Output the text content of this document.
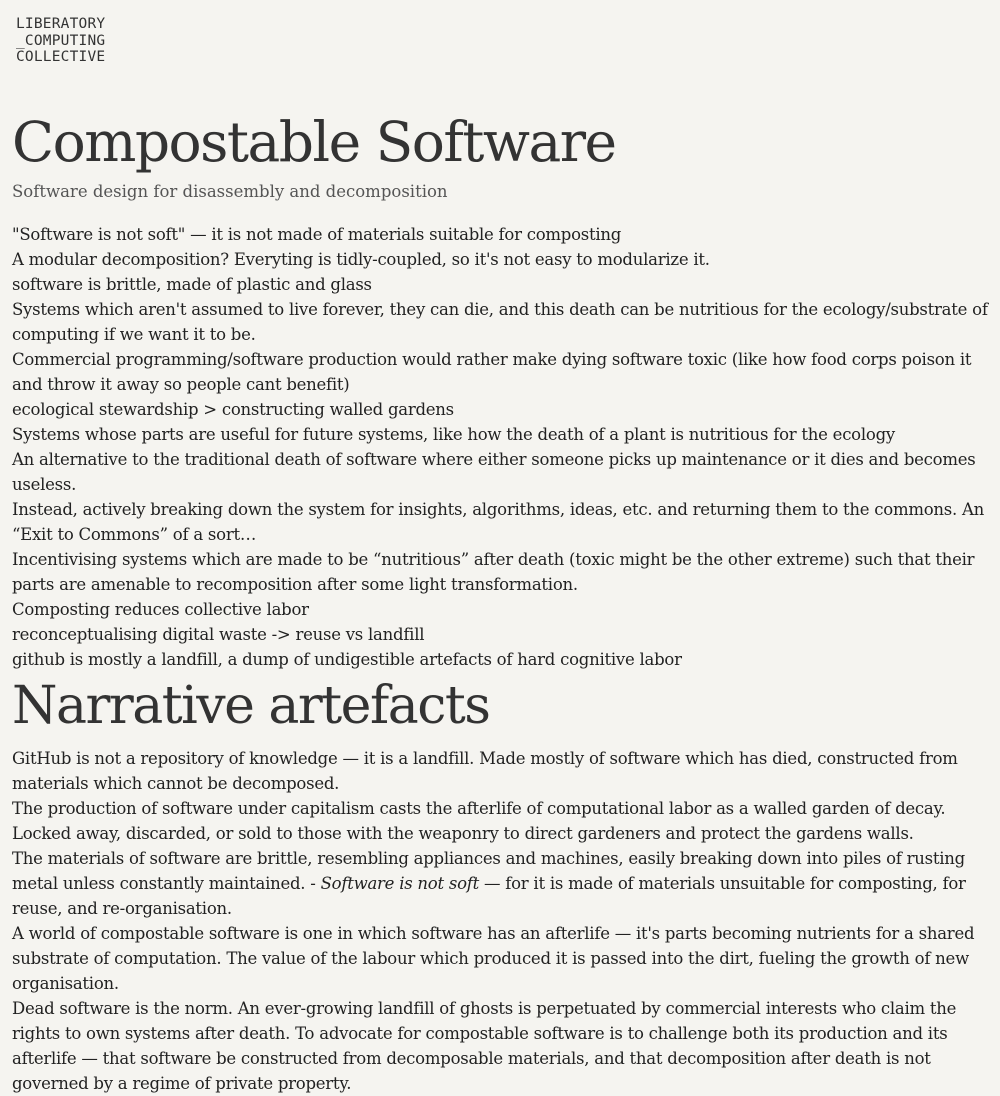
LIBERATORY
_COMPUTING
COLLECTIVE
Compostable Software
Software design for disassembly and decomposition

"Software is not soft" — it is not made of materials suitable for composting

A modular decomposition? Everyting is tidly-coupled, so it's not easy to modularize it.

software is brittle, made of plastic and glass

Systems which aren't assumed to live forever, they can die, and this death can be nutritious for the ecology/substrate of computing if we want it to be.

Commercial programming/software production would rather make dying software toxic (like how food corps poison it and throw it away so people cant benefit)

ecological stewardship > constructing walled gardens

Systems whose parts are useful for future systems, like how the death of a plant is nutritious for the ecology

An alternative to the traditional death of software where either someone picks up maintenance or it dies and becomes useless.

Instead, actively breaking down the system for insights, algorithms, ideas, etc. and returning them to the commons. An “Exit to Commons” of a sort…

Incentivising systems which are made to be “nutritious” after death (toxic might be the other extreme) such that their parts are amenable to recomposition after some light transformation.

Composting reduces collective labor

reconceptualising digital waste -> reuse vs landfill

github is mostly a landfill, a dump of undigestible artefacts of hard cognitive labor

Narrative artefacts

GitHub is not a repository of knowledge — it is a landfill. Made mostly of software which has died, constructed from materials which cannot be decomposed.

The production of software under capitalism casts the afterlife of computational labor as a walled garden of decay. Locked away, discarded, or sold to those with the weaponry to direct gardeners and protect the gardens walls.

The materials of software are brittle, resembling appliances and machines, easily breaking down into piles of rusting metal unless constantly maintained. - Software is not soft — for it is made of materials unsuitable for composting, for reuse, and re-organisation.

A world of compostable software is one in which software has an afterlife — it's parts becoming nutrients for a shared substrate of computation. The value of the labour which produced it is passed into the dirt, fueling the growth of new organisation.

Dead software is the norm. An ever-growing landfill of ghosts is perpetuated by commercial interests who claim the rights to own systems after death. To advocate for compostable software is to challenge both its production and its afterlife — that software be constructed from decomposable materials, and that decomposition after death is not governed by a regime of private property.
